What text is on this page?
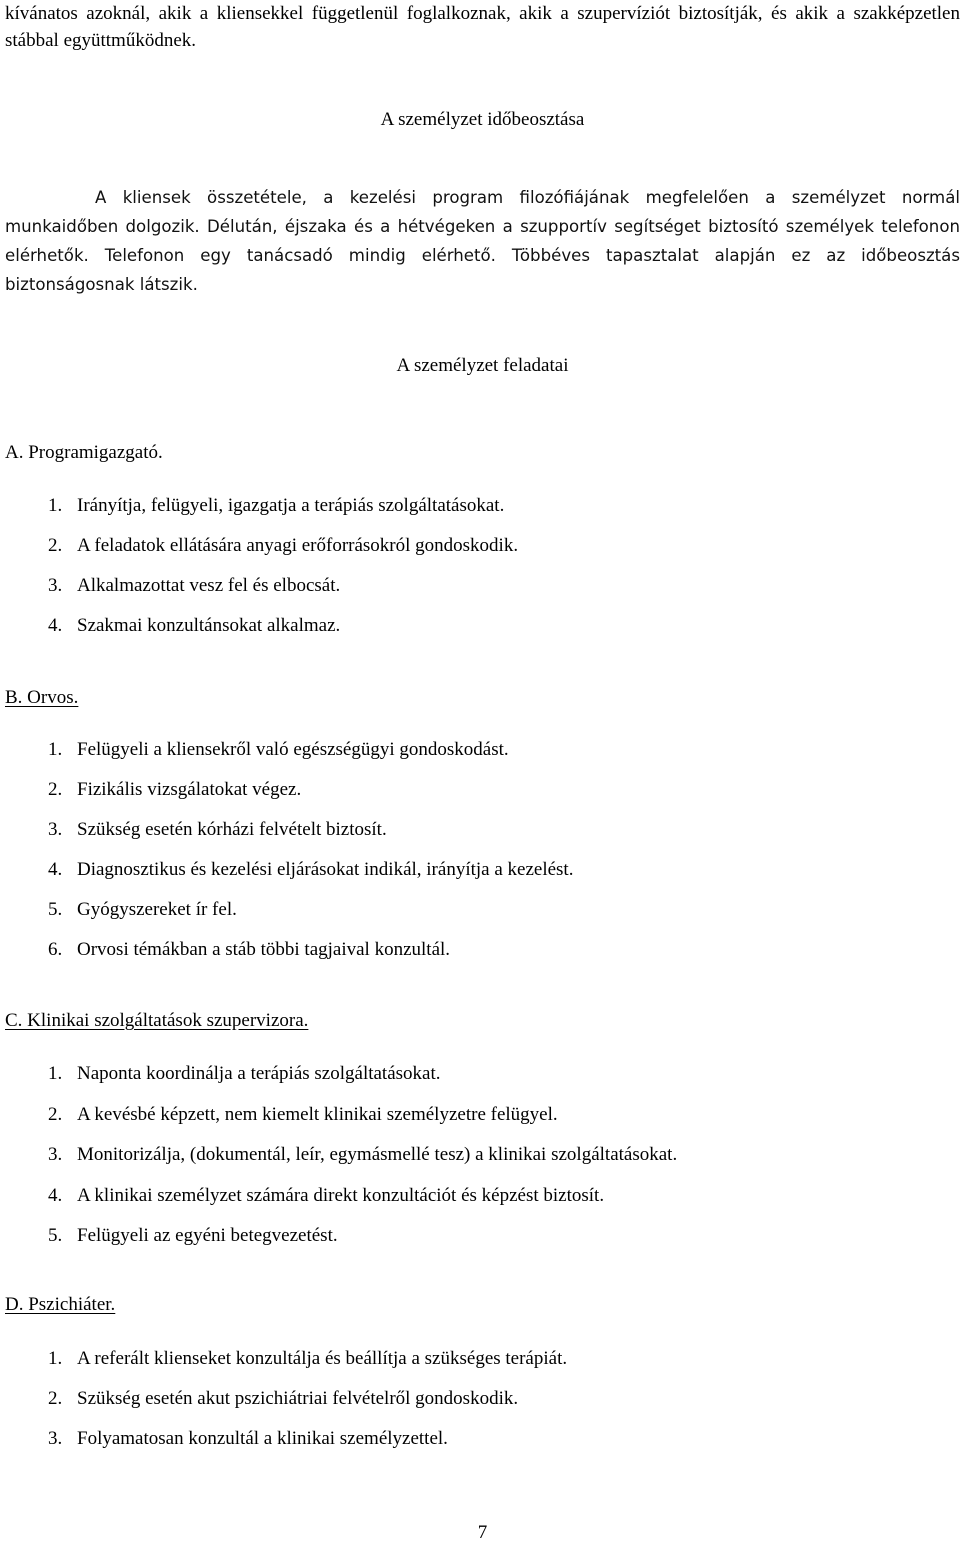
kívánatos azoknál, akik a kliensekkel függetlenül foglalkoznak, akik a szupervíziót biztosítják, és akik a szakképzetlen stábbal együttműködnek.
A személyzet időbeosztása
A kliensek összetétele, a kezelési program filozófiájának megfelelően a személyzet normál munkaidőben dolgozik. Délután, éjszaka és a hétvégeken a szupportív segítséget biztosító személyek telefonon elérhetők. Telefonon egy tanácsadó mindig elérhető. Többéves tapasztalat alapján ez az időbeosztás biztonságosnak látszik.
A személyzet feladatai
A. Programigazgató.
1. Irányítja, felügyeli, igazgatja a terápiás szolgáltatásokat.
2. A feladatok ellátására anyagi erőforrásokról gondoskodik.
3. Alkalmazottat vesz fel és elbocsát.
4. Szakmai konzultánsokat alkalmaz.
B. Orvos.
1. Felügyeli a kliensekről való egészségügyi gondoskodást.
2. Fizikális vizsgálatokat végez.
3. Szükség esetén kórházi felvételt biztosít.
4. Diagnosztikus és kezelési eljárásokat indikál, irányítja a kezelést.
5. Gyógyszereket ír fel.
6. Orvosi témákban a stáb többi tagjaival konzultál.
C. Klinikai szolgáltatások szupervizora.
1. Naponta koordinálja a terápiás szolgáltatásokat.
2. A kevésbé képzett, nem kiemelt klinikai személyzetre felügyel.
3. Monitorizálja, (dokumentál, leír, egymásmellé tesz) a klinikai szolgáltatásokat.
4. A klinikai személyzet számára direkt konzultációt és képzést biztosít.
5. Felügyeli az egyéni betegvezetést.
D. Pszichiáter.
1. A referált klienseket konzultálja és beállítja a szükséges terápiát.
2. Szükség esetén akut pszichiátriai felvételről gondoskodik.
3. Folyamatosan konzultál a klinikai személyzettel.
7
